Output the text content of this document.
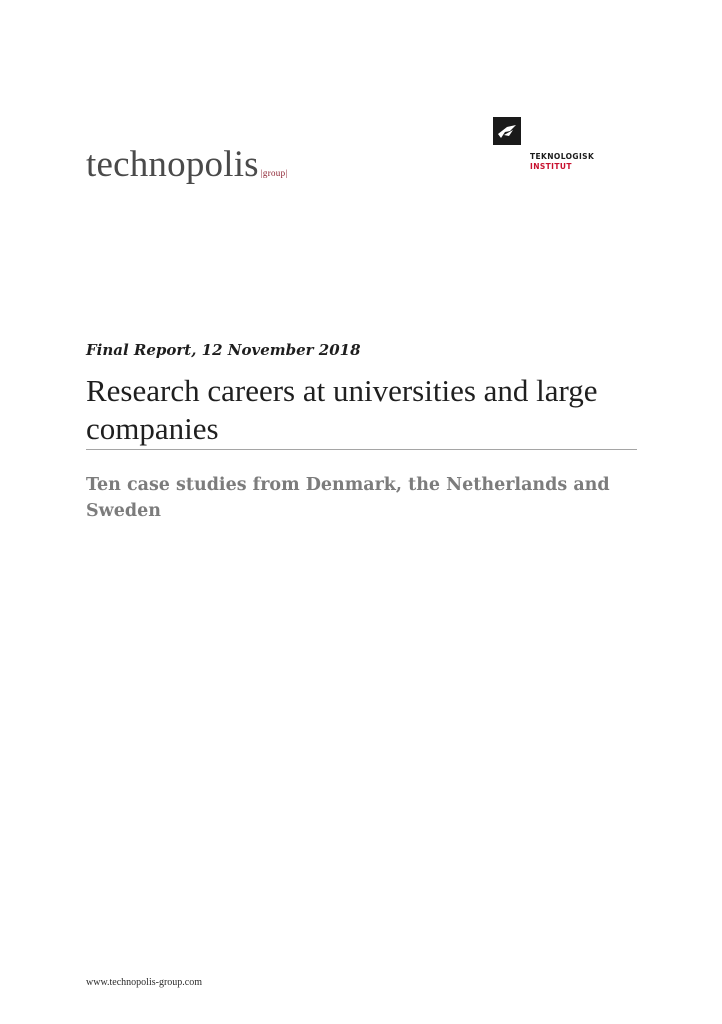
technopolis |group|
TEKNOLOGISK
INSTITUT
Final Report, 12 November 2018
Research careers at universities and large companies
Ten case studies from Denmark, the Netherlands and Sweden
www.technopolis-group.com
